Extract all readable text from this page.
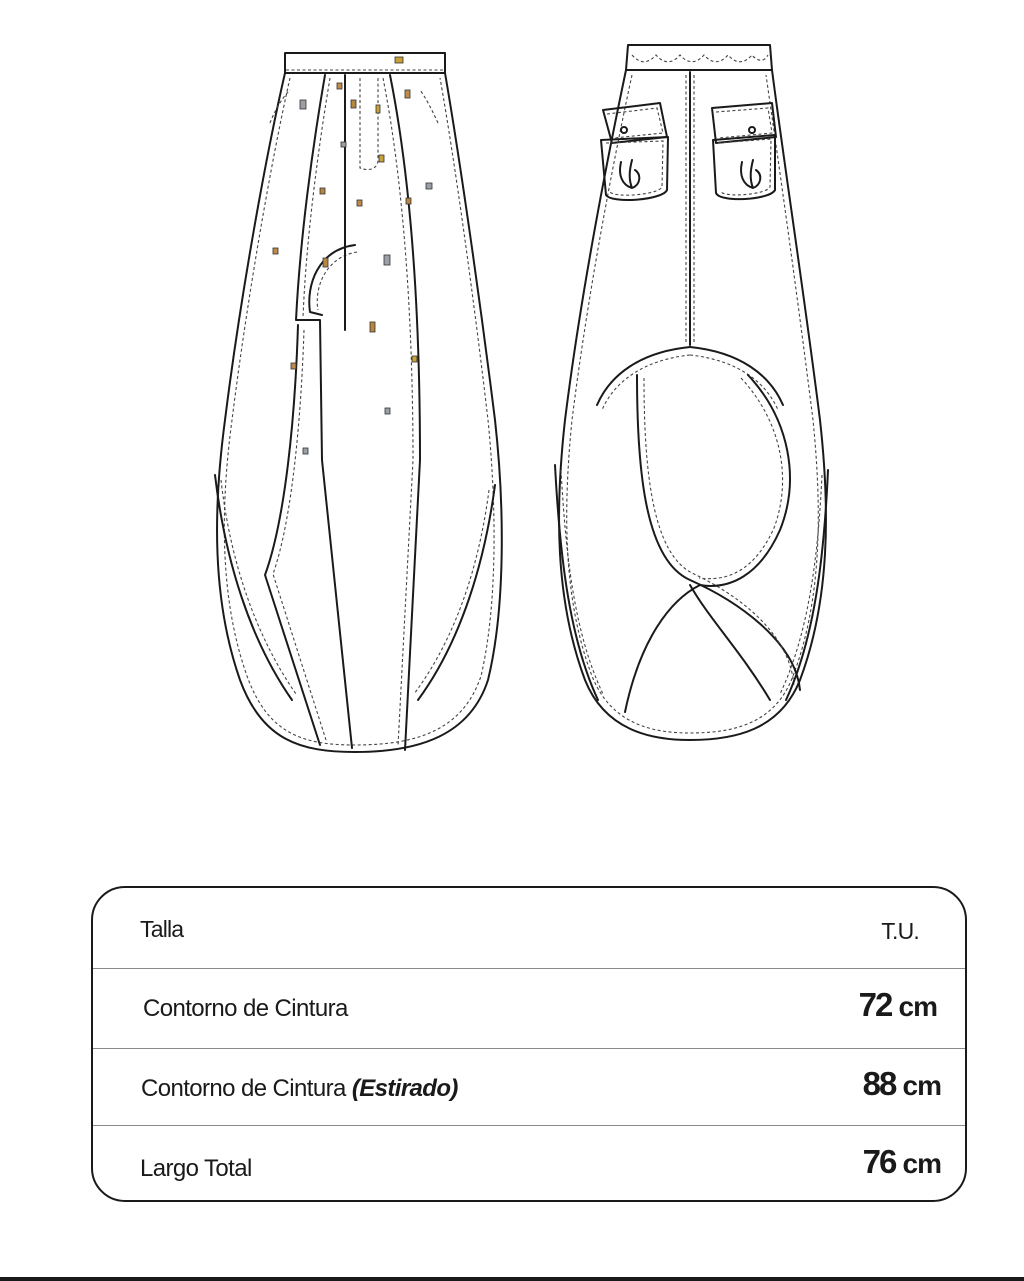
Talla	T.U.
Contorno de Cintura	72 cm
Contorno de Cintura (Estirado)	88 cm
Largo Total	76 cm
